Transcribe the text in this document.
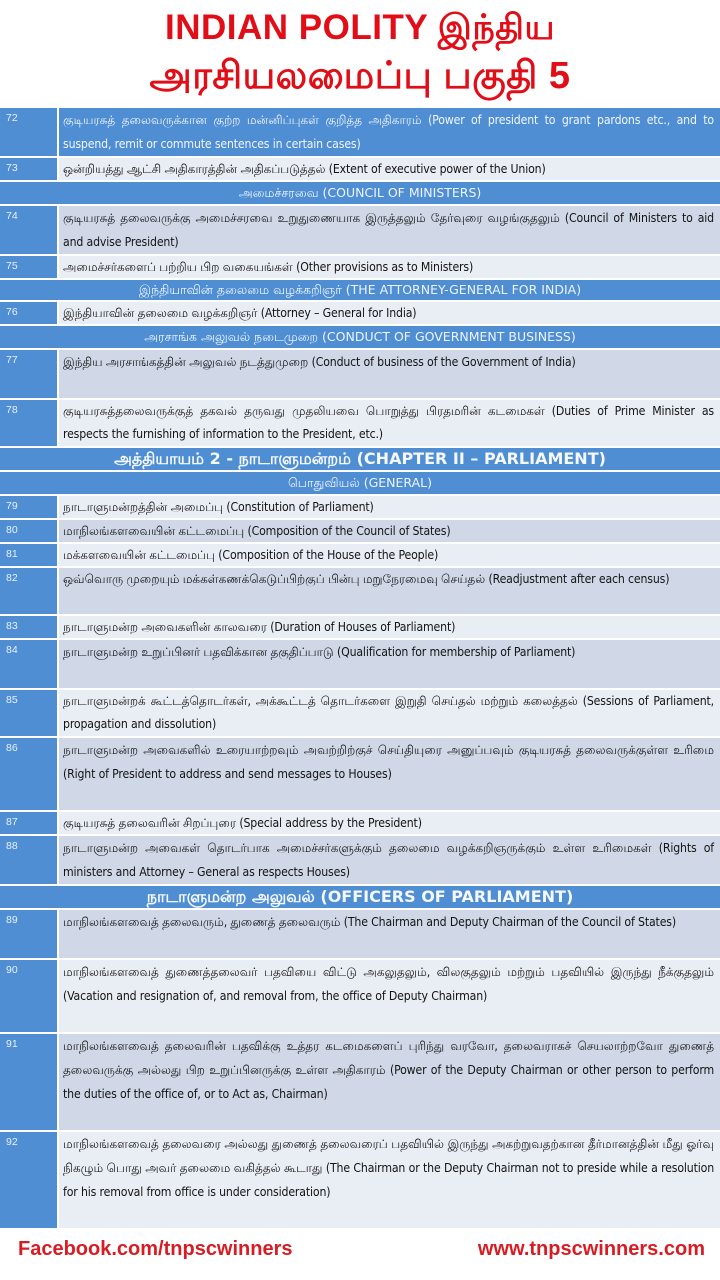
INDIAN POLITY இந்திய
அரசியலமைப்பு பகுதி 5
72	குடியரசுத் தலைவருக்கான குற்ற மன்னிப்புகள் குறித்த அதிகாரம் (Power of president to grant pardons etc., and to suspend, remit or commute sentences in certain cases)
73	ஒன்றியத்து ஆட்சி அதிகாரத்தின் அதிகப்படுத்தல் (Extent of executive power of the Union)
அமைச்சரவை (COUNCIL OF MINISTERS)
74	குடியரசுத் தலைவருக்கு அமைச்சரவை உறுதுணையாக இருத்தலும் தேர்வுரை வழங்குதலும் (Council of Ministers to aid and advise President)
75	அமைச்சர்களைப் பற்றிய பிற வகையங்கள் (Other provisions as to Ministers)
இந்தியாவின் தலைமை வழக்கறிஞர் (THE ATTORNEY-GENERAL FOR INDIA)
76	இந்தியாவின் தலைமை வழக்கறிஞர் (Attorney – General for India)
அரசாங்க அலுவல் நடைமுறை (CONDUCT OF GOVERNMENT BUSINESS)
77	இந்திய அரசாங்கத்தின் அலுவல் நடத்துமுறை (Conduct of business of the Government of India)
78	குடியரசுத்தலைவருக்குத் தகவல் தருவது முதலியவை பொறுத்து பிரதமரின் கடமைகள் (Duties of Prime Minister as respects the furnishing of information to the President, etc.)
அத்தியாயம் 2 - நாடாளுமன்றம் (CHAPTER II – PARLIAMENT)
பொதுவியல் (GENERAL)
79	நாடாளுமன்றத்தின் அமைப்பு (Constitution of Parliament)
80	மாநிலங்களவையின் கட்டமைப்பு (Composition of the Council of States)
81	மக்களவையின் கட்டமைப்பு (Composition of the House of the People)
82	ஒவ்வொரு முறையும் மக்கள்கணக்கெடுப்பிற்குப் பின்பு மறுநேரமைவு செய்தல் (Readjustment after each census)
83	நாடாளுமன்ற அவைகளின் காலவரை (Duration of Houses of Parliament)
84	நாடாளுமன்ற உறுப்பினர் பதவிக்கான தகுதிப்பாடு (Qualification for membership of Parliament)
85	நாடாளுமன்றக் கூட்டத்தொடர்கள், அக்கூட்டத் தொடர்களை இறுதி செய்தல் மற்றும் கலைத்தல் (Sessions of Parliament, propagation and dissolution)
86	நாடாளுமன்ற அவைகளில் உரையாற்றவும் அவற்றிற்குச் செய்தியுரை அனுப்பவும் குடியரசுத் தலைவருக்குள்ள உரிமை (Right of President to address and send messages to Houses)
87	குடியரசுத் தலைவரின் சிறப்புரை (Special address by the President)
88	நாடாளுமன்ற அவைகள் தொடர்பாக அமைச்சர்களுக்கும் தலைமை வழக்கறிஞருக்கும் உள்ள உரிமைகள் (Rights of ministers and Attorney – General as respects Houses)
நாடாளுமன்ற அலுவல் (OFFICERS OF PARLIAMENT)
89	மாநிலங்களவைத் தலைவரும், துணைத் தலைவரும் (The Chairman and Deputy Chairman of the Council of States)
90	மாநிலங்களவைத் துணைத்தலைவர் பதவியை விட்டு அகலுதலும், விலகுதலும் மற்றும் பதவியில் இருந்து நீக்குதலும் (Vacation and resignation of, and removal from, the office of Deputy Chairman)
91	மாநிலங்களவைத் தலைவரின் பதவிக்கு உத்தர கடமைகளைப் புரிந்து வரவோ, தலைவராகச் செயலாற்றவோ துணைத் தலைவருக்கு அல்லது பிற உறுப்பினருக்கு உள்ள அதிகாரம் (Power of the Deputy Chairman or other person to perform the duties of the office of, or to Act as, Chairman)
92	மாநிலங்களவைத் தலைவரை அல்லது துணைத் தலைவரைப் பதவியில் இருந்து அகற்றுவதற்கான தீர்மானத்தின் மீது ஓர்வு நிகழும் பொது அவர் தலைமை வகித்தல் கூடாது (The Chairman or the Deputy Chairman not to preside while a resolution for his removal from office is under consideration)
Facebook.com/tnpscwinners	www.tnpscwinners.com
